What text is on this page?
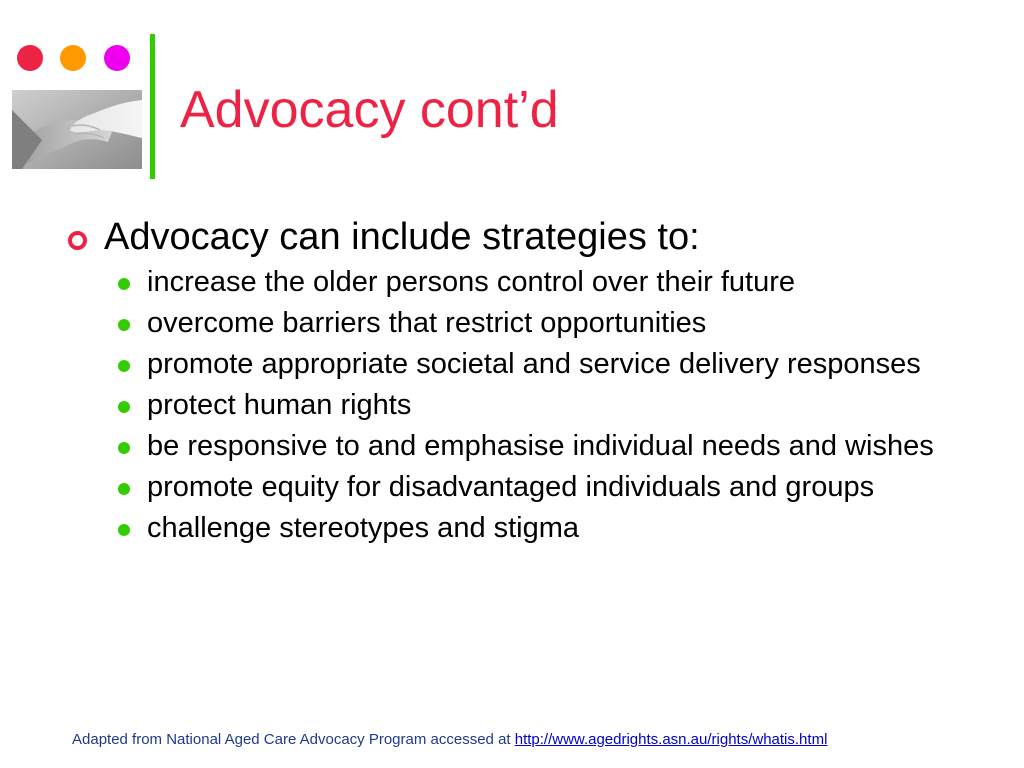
Advocacy cont’d
Advocacy can include strategies to:
increase the older persons control over their future
overcome barriers that restrict opportunities
promote appropriate societal and service delivery responses
protect human rights
be responsive to and emphasise individual needs and wishes
promote equity for disadvantaged individuals and groups
challenge stereotypes and stigma
Adapted from National Aged Care Advocacy Program accessed at http://www.agedrights.asn.au/rights/whatis.html
